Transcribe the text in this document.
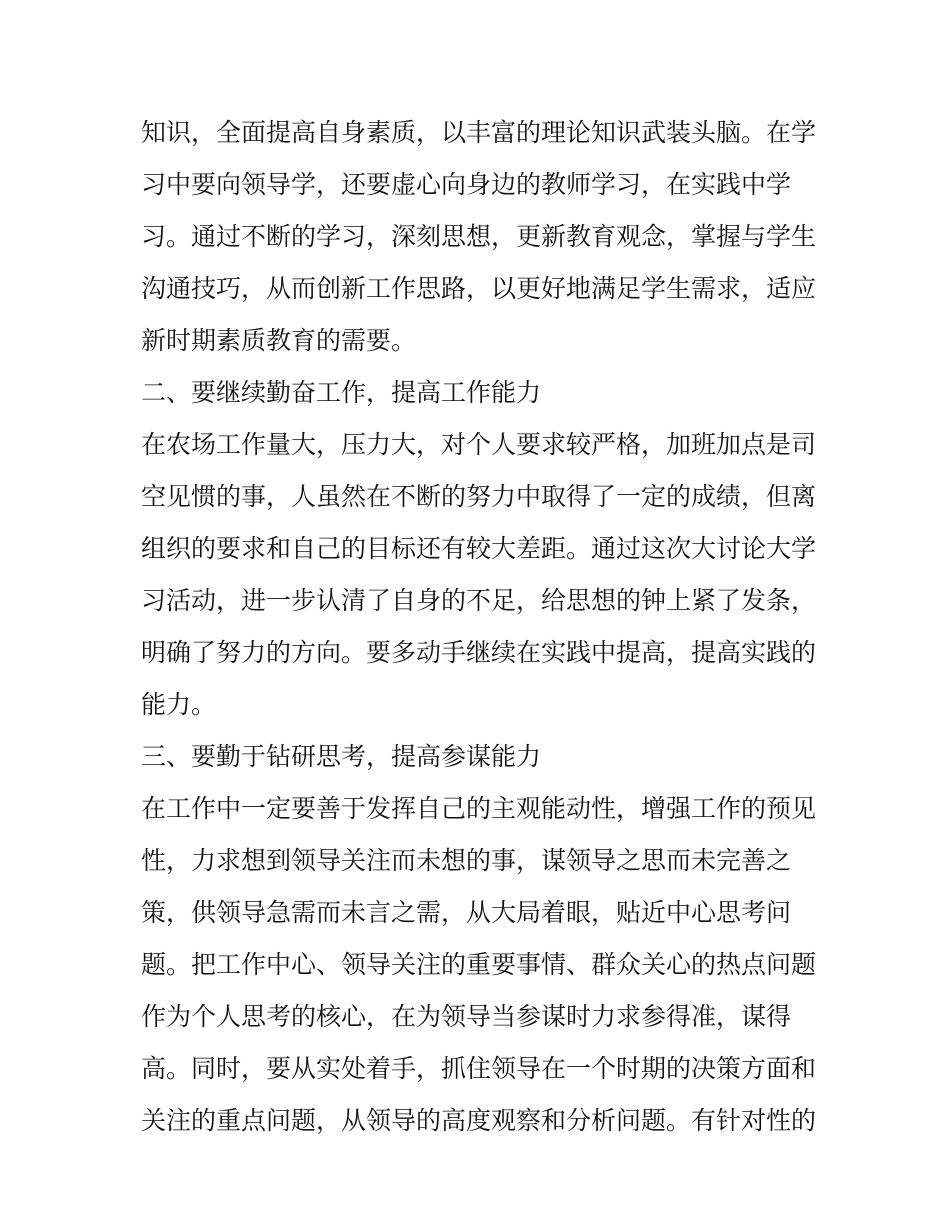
知识，全面提高自身素质，以丰富的理论知识武装头脑。在学
习中要向领导学，还要虚心向身边的教师学习，在实践中学
习。通过不断的学习，深刻思想，更新教育观念，掌握与学生
沟通技巧，从而创新工作思路，以更好地满足学生需求，适应
新时期素质教育的需要。
二、要继续勤奋工作，提高工作能力
在农场工作量大，压力大，对个人要求较严格，加班加点是司
空见惯的事，人虽然在不断的努力中取得了一定的成绩，但离
组织的要求和自己的目标还有较大差距。通过这次大讨论大学
习活动，进一步认清了自身的不足，给思想的钟上紧了发条，
明确了努力的方向。要多动手继续在实践中提高，提高实践的
能力。
三、要勤于钻研思考，提高参谋能力
在工作中一定要善于发挥自己的主观能动性，增强工作的预见
性，力求想到领导关注而未想的事，谋领导之思而未完善之
策，供领导急需而未言之需，从大局着眼，贴近中心思考问
题。把工作中心、领导关注的重要事情、群众关心的热点问题
作为个人思考的核心，在为领导当参谋时力求参得准，谋得
高。同时，要从实处着手，抓住领导在一个时期的决策方面和
关注的重点问题，从领导的高度观察和分析问题。有针对性的
